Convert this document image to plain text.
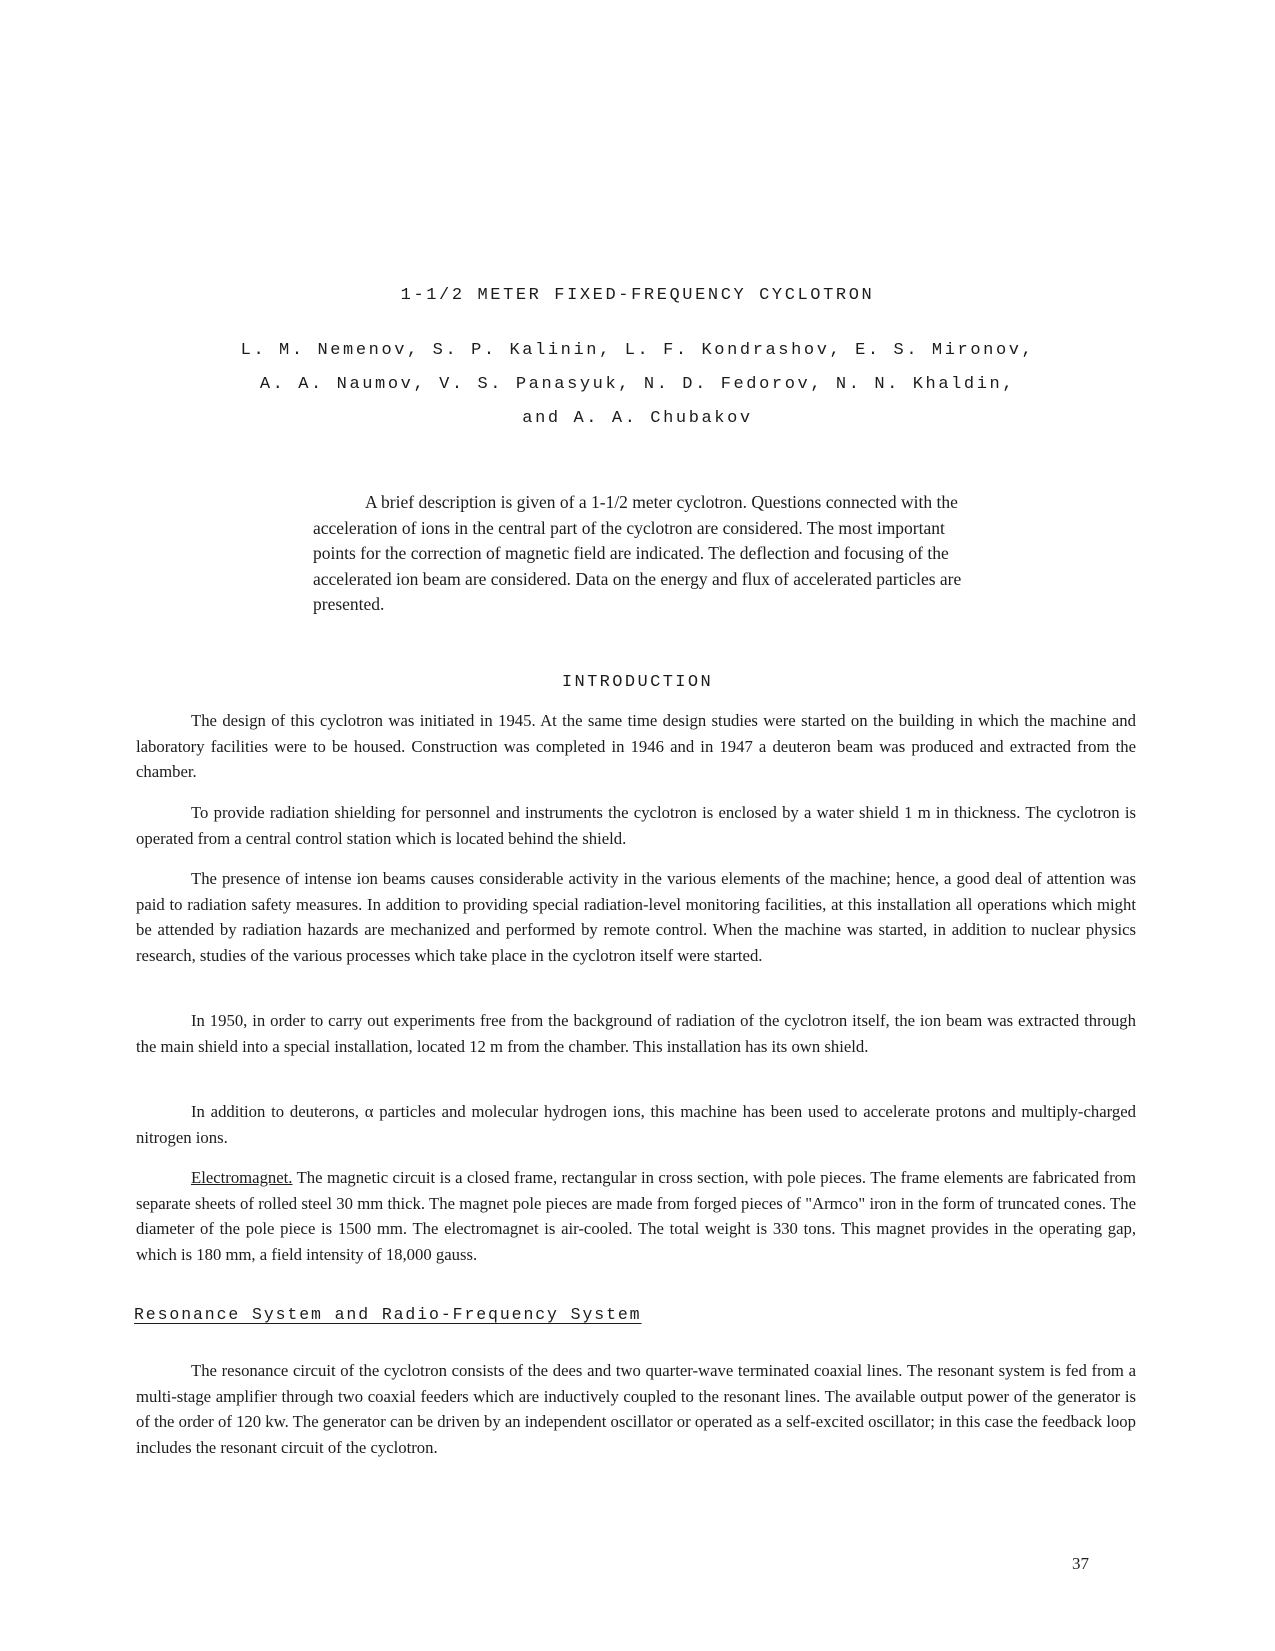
1-1/2 METER FIXED-FREQUENCY CYCLOTRON
L. M. Nemenov, S. P. Kalinin, L. F. Kondrashov, E. S. Mironov,
A. A. Naumov, V. S. Panasyuk, N. D. Fedorov, N. N. Khaldin,
and A. A. Chubakov

A brief description is given of a 1-1/2 meter cyclotron. Questions connected with the acceleration of ions in the central part of the cyclotron are considered. The most important points for the correction of magnetic field are indicated. The deflection and focusing of the accelerated ion beam are considered. Data on the energy and flux of accelerated particles are presented.

INTRODUCTION

The design of this cyclotron was initiated in 1945. At the same time design studies were started on the building in which the machine and laboratory facilities were to be housed. Construction was completed in 1946 and in 1947 a deuteron beam was produced and extracted from the chamber.

To provide radiation shielding for personnel and instruments the cyclotron is enclosed by a water shield 1 m in thickness. The cyclotron is operated from a central control station which is located behind the shield.

The presence of intense ion beams causes considerable activity in the various elements of the machine; hence, a good deal of attention was paid to radiation safety measures. In addition to providing special radiation-level monitoring facilities, at this installation all operations which might be attended by radiation hazards are mechanized and performed by remote control. When the machine was started, in addition to nuclear physics research, studies of the various processes which take place in the cyclotron itself were started.

In 1950, in order to carry out experiments free from the background of radiation of the cyclotron itself, the ion beam was extracted through the main shield into a special installation, located 12 m from the chamber. This installation has its own shield.

In addition to deuterons, α particles and molecular hydrogen ions, this machine has been used to accelerate protons and multiply-charged nitrogen ions.

Electromagnet. The magnetic circuit is a closed frame, rectangular in cross section, with pole pieces. The frame elements are fabricated from separate sheets of rolled steel 30 mm thick. The magnet pole pieces are made from forged pieces of "Armco" iron in the form of truncated cones. The diameter of the pole piece is 1500 mm. The electromagnet is air-cooled. The total weight is 330 tons. This magnet provides in the operating gap, which is 180 mm, a field intensity of 18,000 gauss.

Resonance System and Radio-Frequency System

The resonance circuit of the cyclotron consists of the dees and two quarter-wave terminated coaxial lines. The resonant system is fed from a multi-stage amplifier through two coaxial feeders which are inductively coupled to the resonant lines. The available output power of the generator is of the order of 120 kw. The generator can be driven by an independent oscillator or operated as a self-excited oscillator; in this case the feedback loop includes the resonant circuit of the cyclotron.

37
